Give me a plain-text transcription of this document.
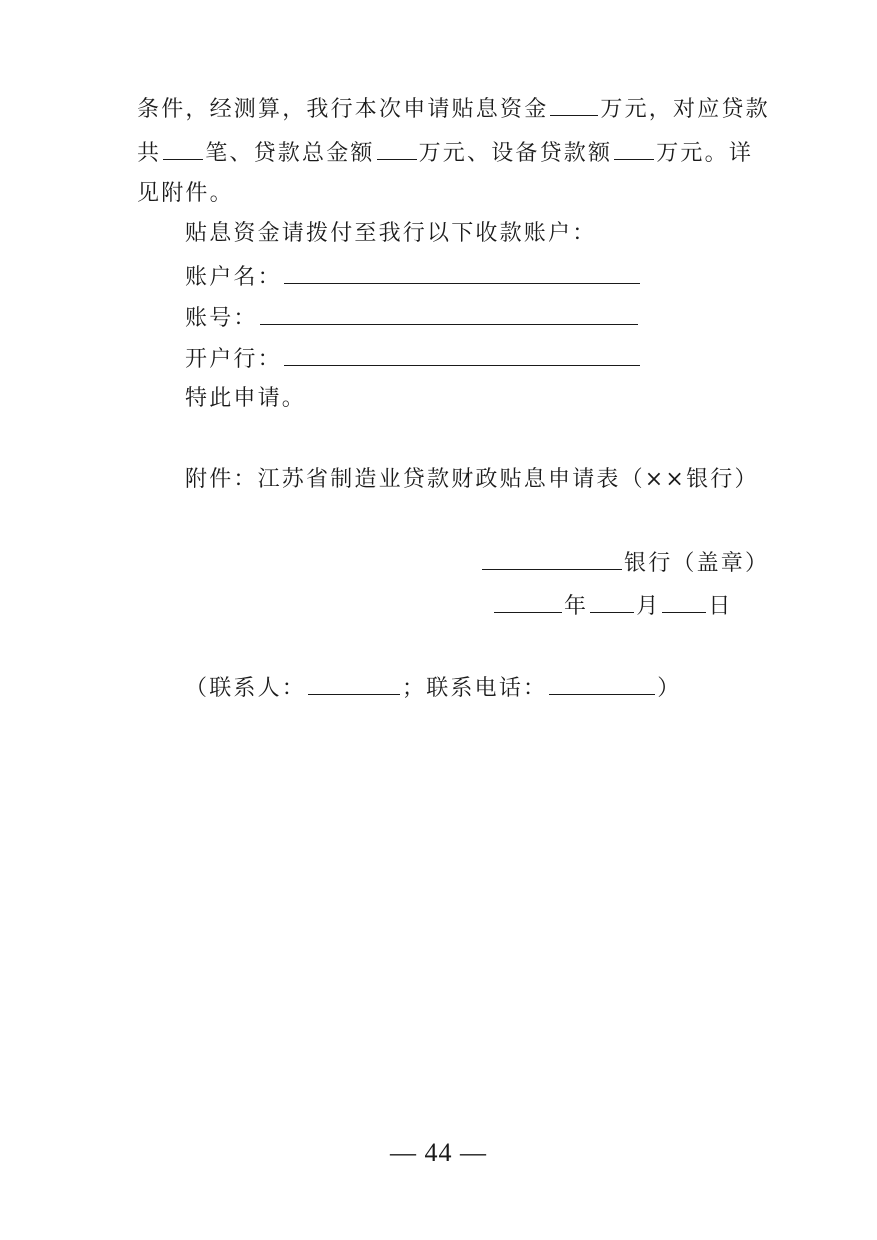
条件，经测算，我行本次申请贴息资金 万元，对应贷款
共 笔、贷款总金额 万元、设备贷款额 万元。详
见附件。
贴息资金请拨付至我行以下收款账户：
账户名：
账号：
开户行：
特此申请。
附件：江苏省制造业贷款财政贴息申请表（××银行）
银行（盖章）
年 月 日
（联系人：	；联系电话：	）
— 44 —
